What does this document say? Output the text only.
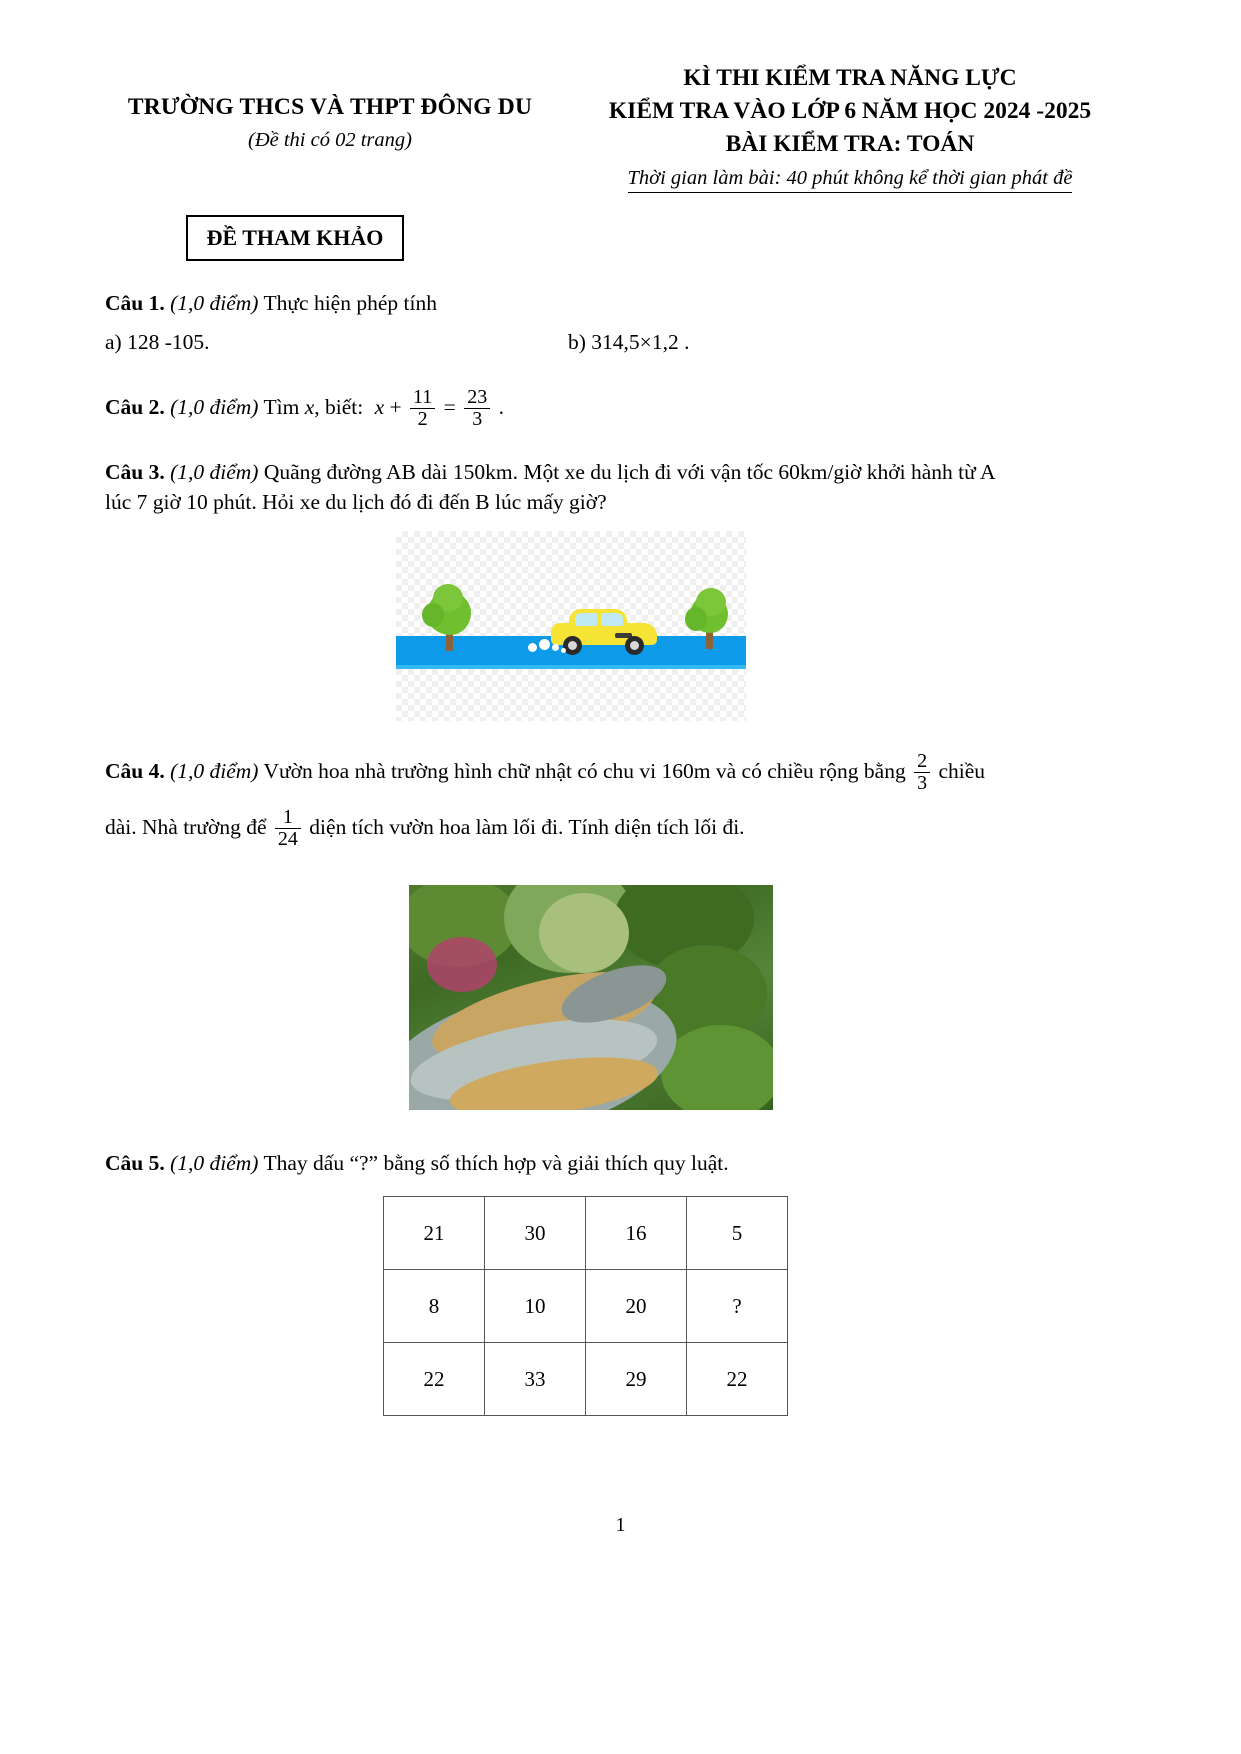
TRƯỜNG THCS VÀ THPT ĐÔNG DU
(Đề thi có 02 trang)
KÌ THI KIỂM TRA NĂNG LỰC
KIỂM TRA VÀO LỚP 6 NĂM HỌC 2024 -2025
BÀI KIỂM TRA: TOÁN
Thời gian làm bài: 40 phút không kể thời gian phát đề
ĐỀ THAM KHẢO
Câu 1. (1,0 điểm) Thực hiện phép tính
a) 128 -105.	b) 314,5×1,2 .
Câu 2. (1,0 điểm) Tìm x, biết: $x + \frac{11}{2} = \frac{23}{3}$ .
Câu 3. (1,0 điểm) Quãng đường AB dài 150km. Một xe du lịch đi với vận tốc 60km/giờ khởi hành từ A
lúc 7 giờ 10 phút. Hỏi xe du lịch đó đi đến B lúc mấy giờ?
Câu 4. (1,0 điểm) Vườn hoa nhà trường hình chữ nhật có chu vi 160m và có chiều rộng bằng $\frac{2}{3}$ chiều
dài. Nhà trường để $\frac{1}{24}$ diện tích vườn hoa làm lối đi. Tính diện tích lối đi.
Câu 5. (1,0 điểm) Thay dấu “?” bằng số thích hợp và giải thích quy luật.
21	30	16	5
8	10	20	?
22	33	29	22
1
